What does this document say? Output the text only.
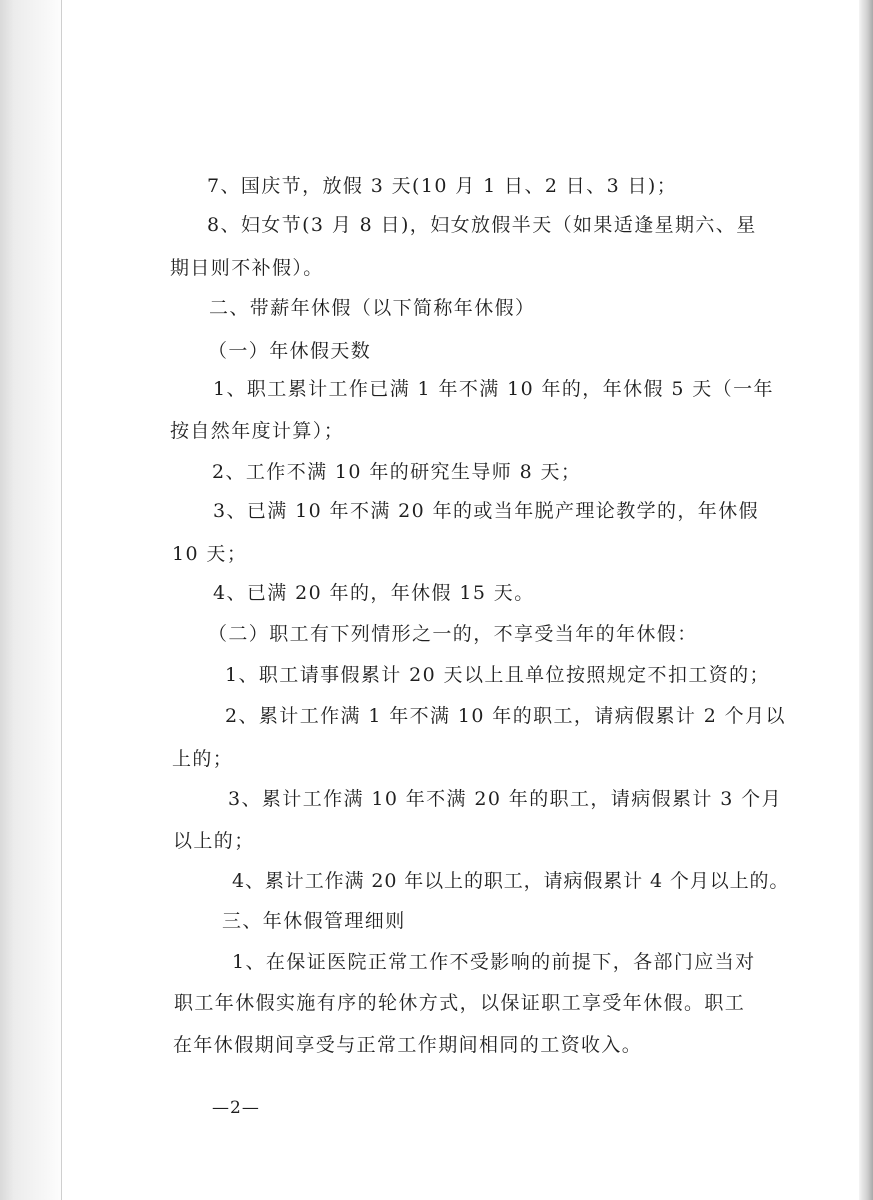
7、国庆节，放假 3 天(10 月 1 日、2 日、3 日)；
8、妇女节(3 月 8 日)，妇女放假半天（如果适逢星期六、星
期日则不补假）。
二、带薪年休假（以下简称年休假）
（一）年休假天数
1、职工累计工作已满 1 年不满 10 年的，年休假 5 天（一年
按自然年度计算）；
2、工作不满 10 年的研究生导师 8 天；
3、已满 10 年不满 20 年的或当年脱产理论教学的，年休假
10 天；
4、已满 20 年的，年休假 15 天。
（二）职工有下列情形之一的，不享受当年的年休假：
1、职工请事假累计 20 天以上且单位按照规定不扣工资的；
2、累计工作满 1 年不满 10 年的职工，请病假累计 2 个月以
上的；
3、累计工作满 10 年不满 20 年的职工，请病假累计 3 个月
以上的；
4、累计工作满 20 年以上的职工，请病假累计 4 个月以上的。
三、年休假管理细则
1、在保证医院正常工作不受影响的前提下，各部门应当对
职工年休假实施有序的轮休方式，以保证职工享受年休假。职工
在年休假期间享受与正常工作期间相同的工资收入。
—2—
